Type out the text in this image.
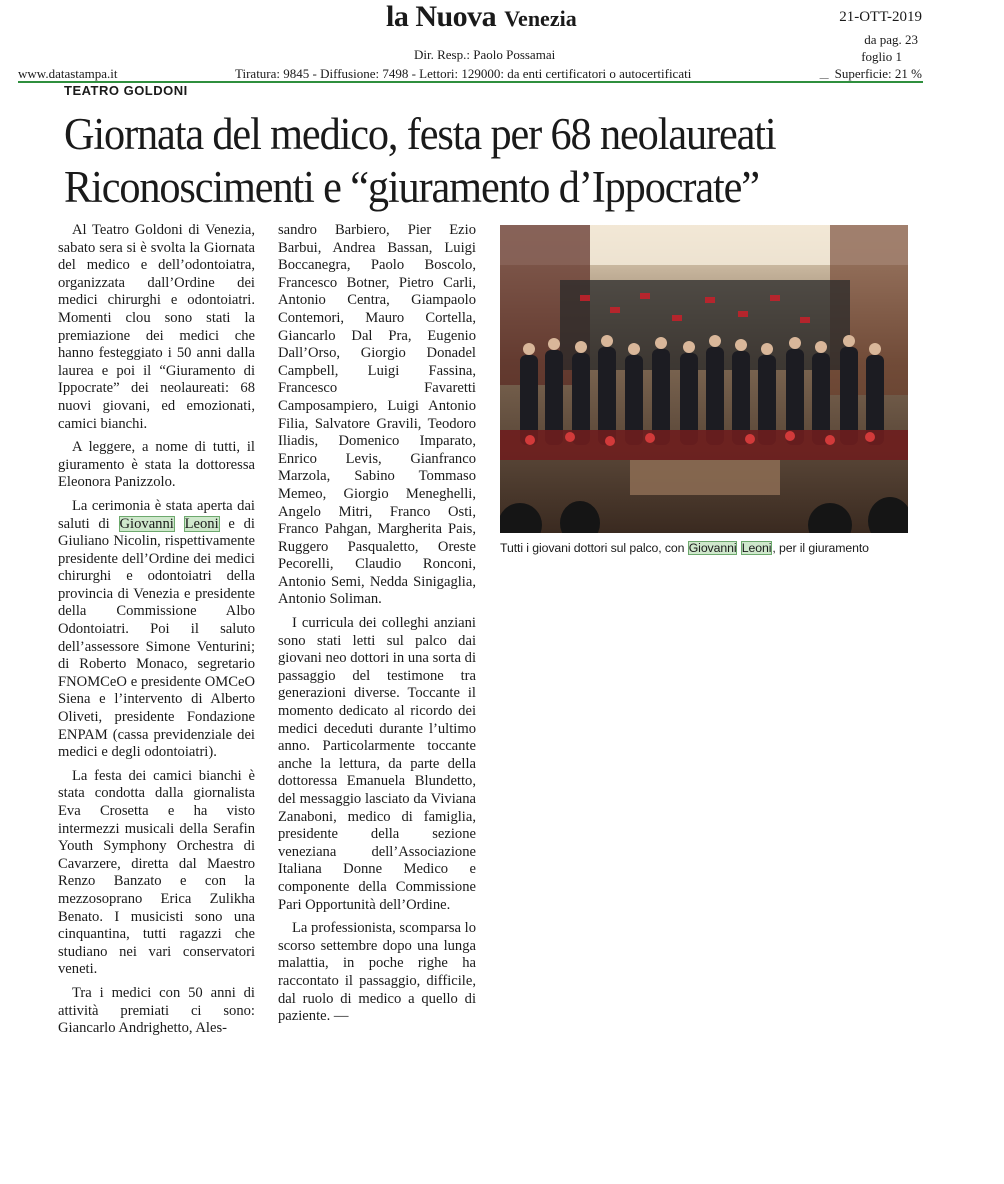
la Nuova Venezia	21-OTT-2019
da pag. 23
foglio 1
Dir. Resp.: Paolo Possamai
www.datastampa.it	Tiratura: 9845 - Diffusione: 7498 - Lettori: 129000: da enti certificatori o autocertificati	__ Superficie: 21 %
TEATRO GOLDONI
Giornata del medico, festa per 68 neolaureati
Riconoscimenti e “giuramento d’Ippocrate”

Al Teatro Goldoni di Venezia, sabato sera si è svolta la Giornata del medico e dell’odontoiatra, organizzata dall’Ordine dei medici chirurghi e odontoiatri. Momenti clou sono stati la premiazione dei medici che hanno festeggiato i 50 anni dalla laurea e poi il “Giuramento di Ippocrate” dei neolaureati: 68 nuovi giovani, ed emozionati, camici bianchi.

A leggere, a nome di tutti, il giuramento è stata la dottoressa Eleonora Panizzolo.

La cerimonia è stata aperta dai saluti di Giovanni Leoni e di Giuliano Nicolin, rispettivamente presidente dell’Ordine dei medici chirurghi e odontoiatri della provincia di Venezia e presidente della Commissione Albo Odontoiatri. Poi il saluto dell’assessore Simone Venturini; di Roberto Monaco, segretario FNOMCeO e presidente OMCeO Siena e l’intervento di Alberto Oliveti, presidente Fondazione ENPAM (cassa previdenziale dei medici e degli odontoiatri).

La festa dei camici bianchi è stata condotta dalla giornalista Eva Crosetta e ha visto intermezzi musicali della Serafin Youth Symphony Orchestra di Cavarzere, diretta dal Maestro Renzo Banzato e con la mezzosoprano Erica Zulikha Benato. I musicisti sono una cinquantina, tutti ragazzi che studiano nei vari conservatori veneti.

Tra i medici con 50 anni di attività premiati ci sono: Giancarlo Andrighetto, Ales-

sandro Barbiero, Pier Ezio Barbui, Andrea Bassan, Luigi Boccanegra, Paolo Boscolo, Francesco Botner, Pietro Carli, Antonio Centra, Giampaolo Contemori, Mauro Cortella, Giancarlo Dal Pra, Eugenio Dall’Orso, Giorgio Donadel Campbell, Luigi Fassina, Francesco Favaretti Camposampiero, Luigi Antonio Filia, Salvatore Gravili, Teodoro Iliadis, Domenico Imparato, Enrico Levis, Gianfranco Marzola, Sabino Tommaso Memeo, Giorgio Meneghelli, Angelo Mitri, Franco Osti, Franco Pahgan, Margherita Pais, Ruggero Pasqualetto, Oreste Pecorelli, Claudio Ronconi, Antonio Semi, Nedda Sinigaglia, Antonio Soliman.

I curricula dei colleghi anziani sono stati letti sul palco dai giovani neo dottori in una sorta di passaggio del testimone tra generazioni diverse. Toccante il momento dedicato al ricordo dei medici deceduti durante l’ultimo anno. Particolarmente toccante anche la lettura, da parte della dottoressa Emanuela Blundetto, del messaggio lasciato da Viviana Zanaboni, medico di famiglia, presidente della sezione veneziana dell’Associazione Italiana Donne Medico e componente della Commissione Pari Opportunità dell’Ordine.

La professionista, scomparsa lo scorso settembre dopo una lunga malattia, in poche righe ha raccontato il passaggio, difficile, dal ruolo di medico a quello di paziente. —

Tutti i giovani dottori sul palco, con Giovanni Leoni, per il giuramento
